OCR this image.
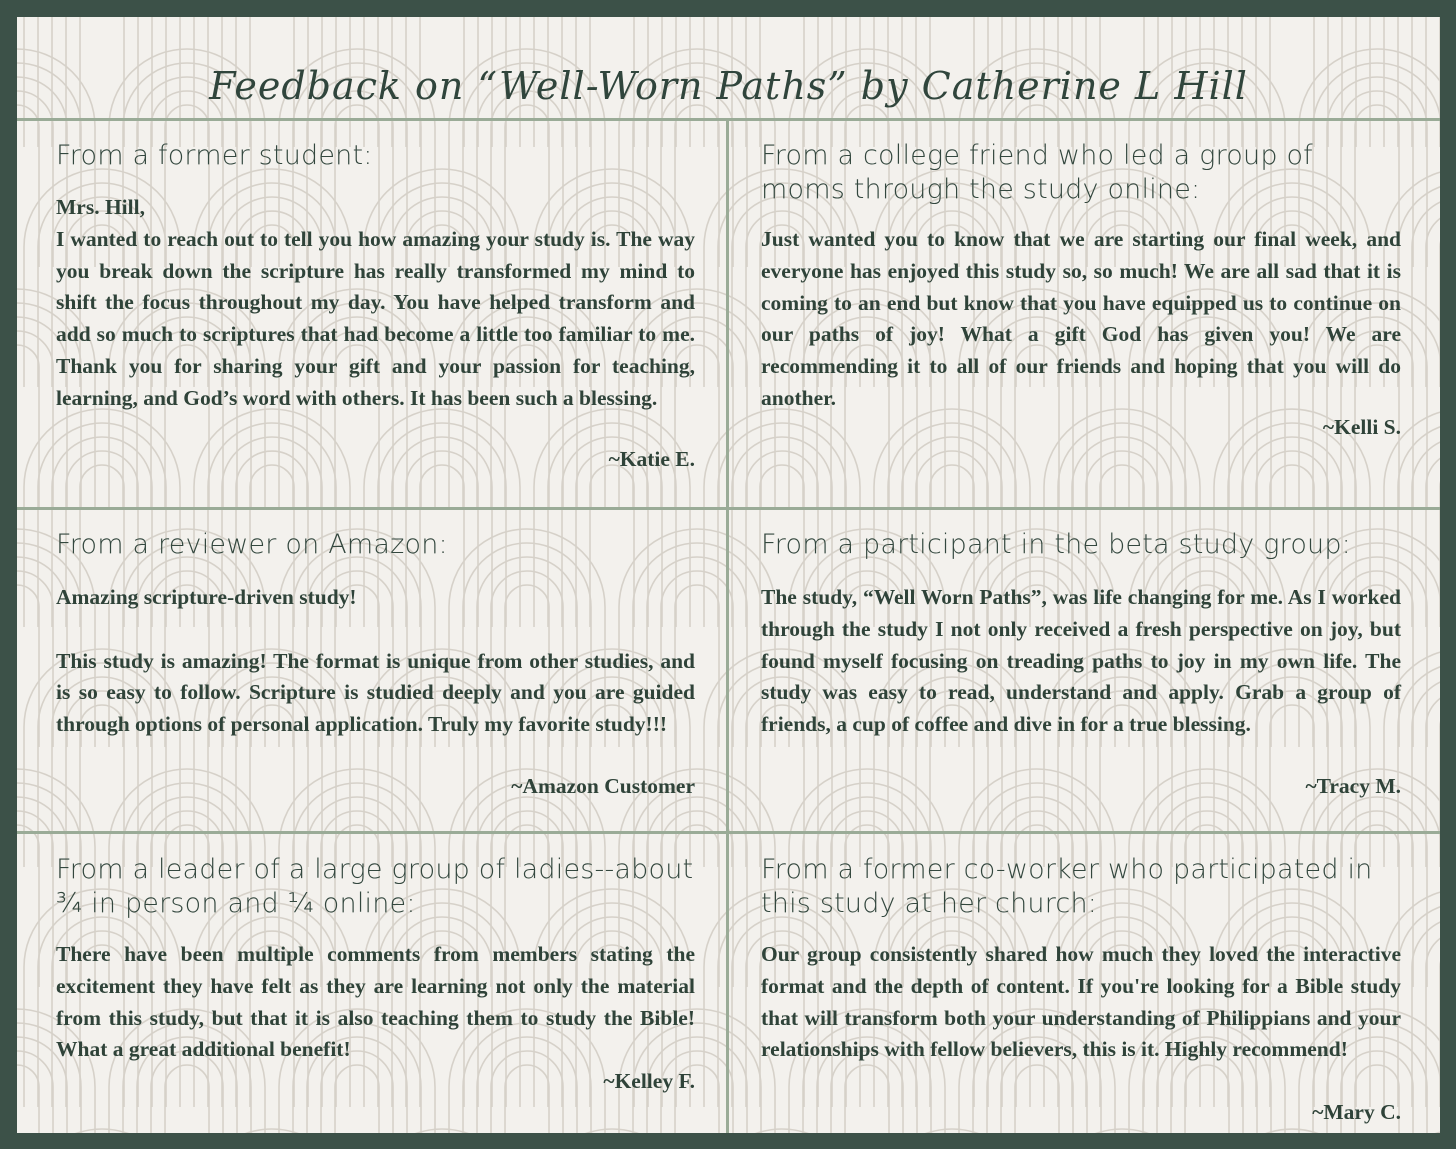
Feedback on “Well-Worn Paths” by Catherine L Hill
From a former student:

Mrs. Hill,

I wanted to reach out to tell you how amazing your study is. The way you break down the scripture has really transformed my mind to shift the focus throughout my day. You have helped transform and add so much to scriptures that had become a little too familiar to me. Thank you for sharing your gift and your passion for teaching, learning, and God’s word with others. It has been such a blessing.

~Katie E.
From a college friend who led a group of moms through the study online:

Just wanted you to know that we are starting our final week, and everyone has enjoyed this study so, so much! We are all sad that it is coming to an end but know that you have equipped us to continue on our paths of joy! What a gift God has given you! We are recommending it to all of our friends and hoping that you will do another.

~Kelli S.
From a reviewer on Amazon:

Amazing scripture-driven study!

This study is amazing! The format is unique from other studies, and is so easy to follow. Scripture is studied deeply and you are guided through options of personal application. Truly my favorite study!!!

~Amazon Customer
From a participant in the beta study group:

The study, “Well Worn Paths”, was life changing for me. As I worked through the study I not only received a fresh perspective on joy, but found myself focusing on treading paths to joy in my own life. The study was easy to read, understand and apply. Grab a group of friends, a cup of coffee and dive in for a true blessing.

~Tracy M.
From a leader of a large group of ladies--about ¾ in person and ¼ online:

There have been multiple comments from members stating the excitement they have felt as they are learning not only the material from this study, but that it is also teaching them to study the Bible! What a great additional benefit!

~Kelley F.
From a former co-worker who participated in this study at her church:

Our group consistently shared how much they loved the interactive format and the depth of content. If you're looking for a Bible study that will transform both your understanding of Philippians and your relationships with fellow believers, this is it. Highly recommend!

~Mary C.
